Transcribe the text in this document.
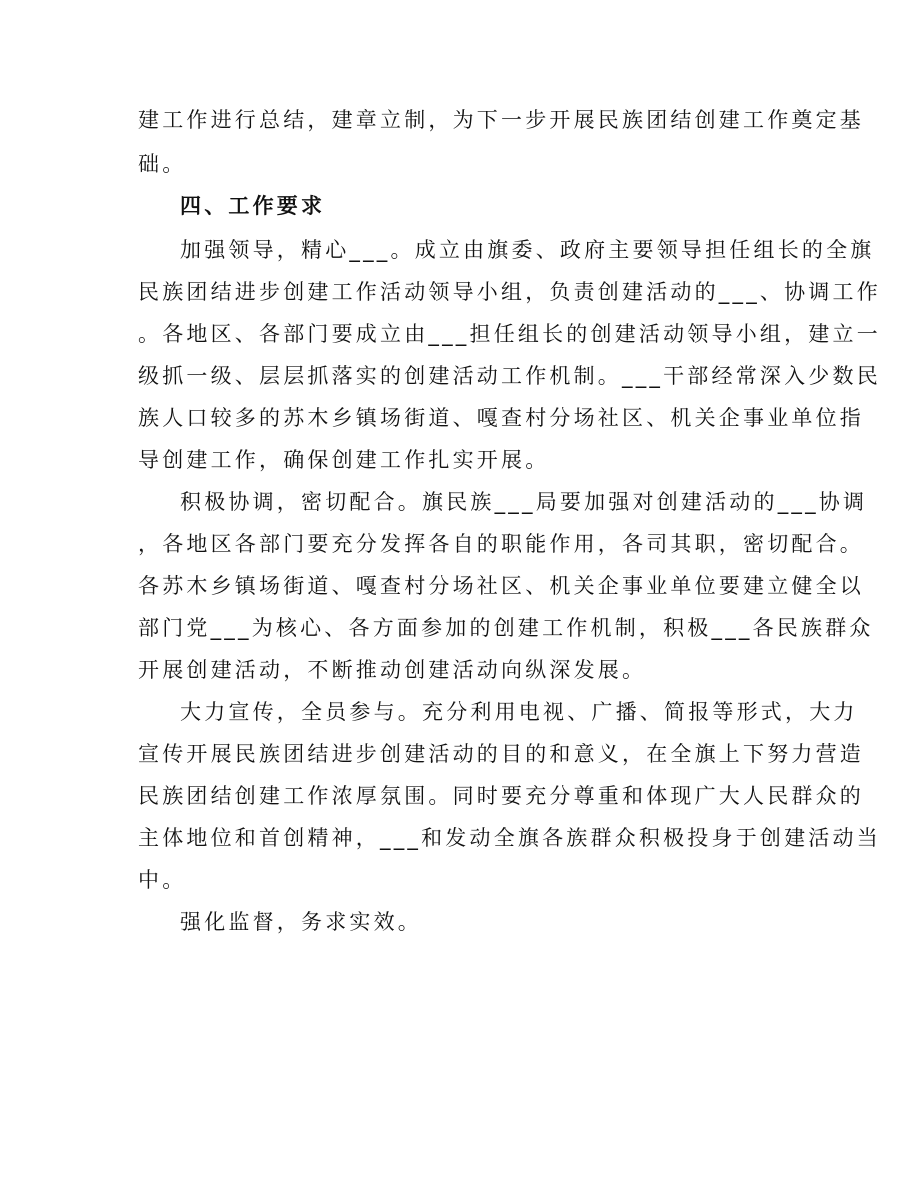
建工作进行总结，建章立制，为下一步开展民族团结创建工作奠定基
础。
四、工作要求
加强领导，精心___。成立由旗委、政府主要领导担任组长的全旗
民族团结进步创建工作活动领导小组，负责创建活动的___、协调工作
。各地区、各部门要成立由___担任组长的创建活动领导小组，建立一
级抓一级、层层抓落实的创建活动工作机制。___干部经常深入少数民
族人口较多的苏木乡镇场街道、嘎查村分场社区、机关企事业单位指
导创建工作，确保创建工作扎实开展。
积极协调，密切配合。旗民族___局要加强对创建活动的___协调
，各地区各部门要充分发挥各自的职能作用，各司其职，密切配合。
各苏木乡镇场街道、嘎查村分场社区、机关企事业单位要建立健全以
部门党___为核心、各方面参加的创建工作机制，积极___各民族群众
开展创建活动，不断推动创建活动向纵深发展。
大力宣传，全员参与。充分利用电视、广播、简报等形式，大力
宣传开展民族团结进步创建活动的目的和意义，在全旗上下努力营造
民族团结创建工作浓厚氛围。同时要充分尊重和体现广大人民群众的
主体地位和首创精神，___和发动全旗各族群众积极投身于创建活动当
中。
强化监督，务求实效。
